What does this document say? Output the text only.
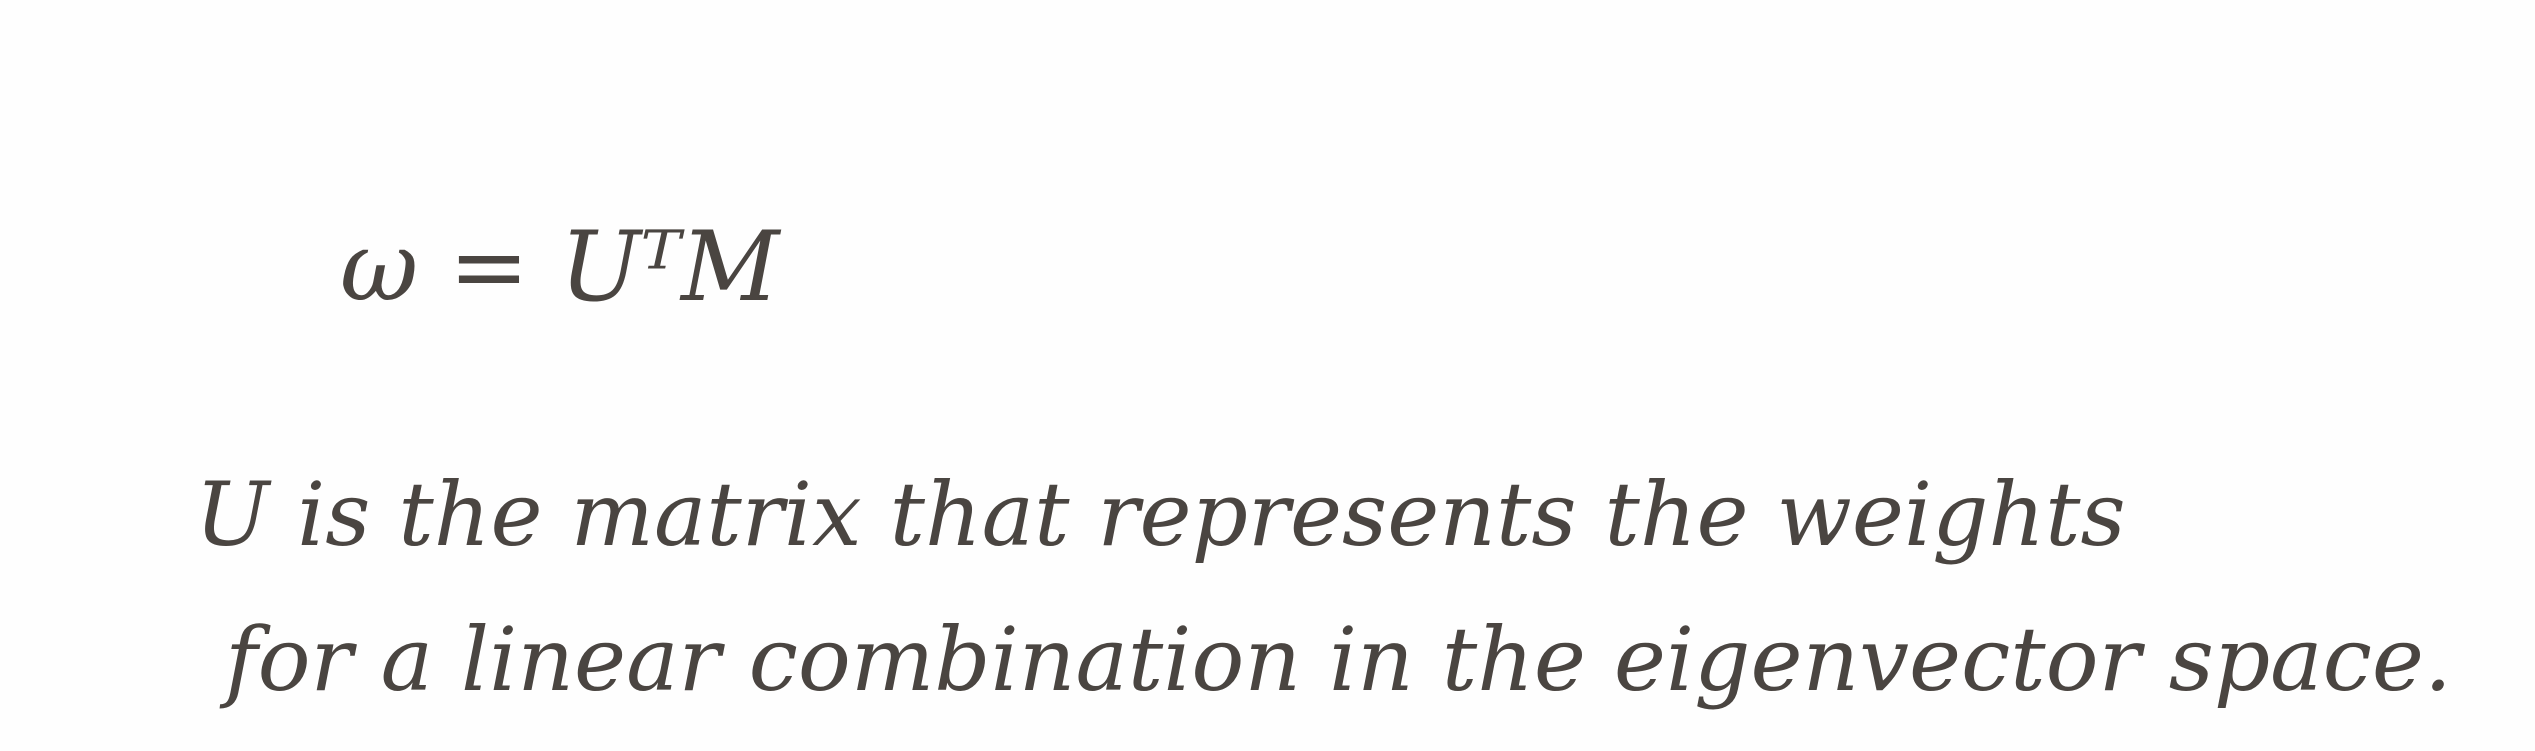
ω = UᵀM
U is the matrix that represents the weights
for a linear combination in the eigenvector space.
